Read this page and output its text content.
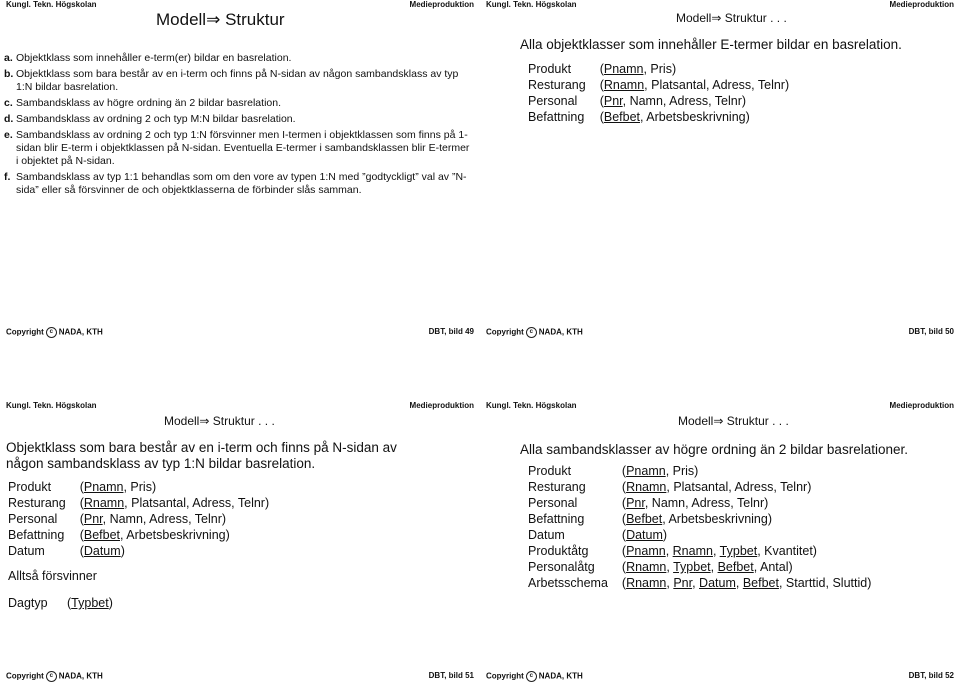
Kungl. Tekn. Högskolan	Medieproduktion
Modell⇒ Struktur
a. Objektklass som innehåller e-term(er) bildar en basrelation.
b. Objektklass som bara består av en i-term och finns på N-sidan av någon sambandsklass av typ 1:N bildar basrelation.
c. Sambandsklass av högre ordning än 2 bildar basrelation.
d. Sambandsklass av ordning 2 och typ M:N bildar basrelation.
e. Sambandsklass av ordning 2 och typ 1:N försvinner men I-termen i objektklassen som finns på 1-sidan blir E-term i objektklassen på N-sidan. Eventuella E-termer i sambandsklassen blir E-termer i objektet på N-sidan.
f. Sambandsklass av typ 1:1 behandlas som om den vore av typen 1:N med ”godtyckligt” val av ”N-sida” eller så försvinner de och objektklasserna de förbinder slås samman.
Copyright c NADA, KTH	DBT, bild 49
Kungl. Tekn. Högskolan	Medieproduktion
Modell⇒ Struktur . . .
Alla objektklasser som innehåller E-termer bildar en basrelation.
Produkt	(Pnamn, Pris)
Resturang	(Rnamn, Platsantal, Adress, Telnr)
Personal	(Pnr, Namn, Adress, Telnr)
Befattning	(Befbet, Arbetsbeskrivning)
Copyright c NADA, KTH	DBT, bild 50
Kungl. Tekn. Högskolan	Medieproduktion
Modell⇒ Struktur . . .
Objektklass som bara består av en i-term och finns på N-sidan av någon sambandsklass av typ 1:N bildar basrelation.
Produkt	(Pnamn, Pris)
Resturang	(Rnamn, Platsantal, Adress, Telnr)
Personal	(Pnr, Namn, Adress, Telnr)
Befattning	(Befbet, Arbetsbeskrivning)
Datum	(Datum)
Alltså försvinner
Dagtyp (Typbet)
Copyright c NADA, KTH	DBT, bild 51
Kungl. Tekn. Högskolan	Medieproduktion
Modell⇒ Struktur . . .
Alla sambandsklasser av högre ordning än 2 bildar basrelationer.
Produkt	(Pnamn, Pris)
Resturang	(Rnamn, Platsantal, Adress, Telnr)
Personal	(Pnr, Namn, Adress, Telnr)
Befattning	(Befbet, Arbetsbeskrivning)
Datum	(Datum)
Produktåtg	(Pnamn, Rnamn, Typbet, Kvantitet)
Personalåtg	(Rnamn, Typbet, Befbet, Antal)
Arbetsschema	(Rnamn, Pnr, Datum, Befbet, Starttid, Sluttid)
Copyright c NADA, KTH	DBT, bild 52
